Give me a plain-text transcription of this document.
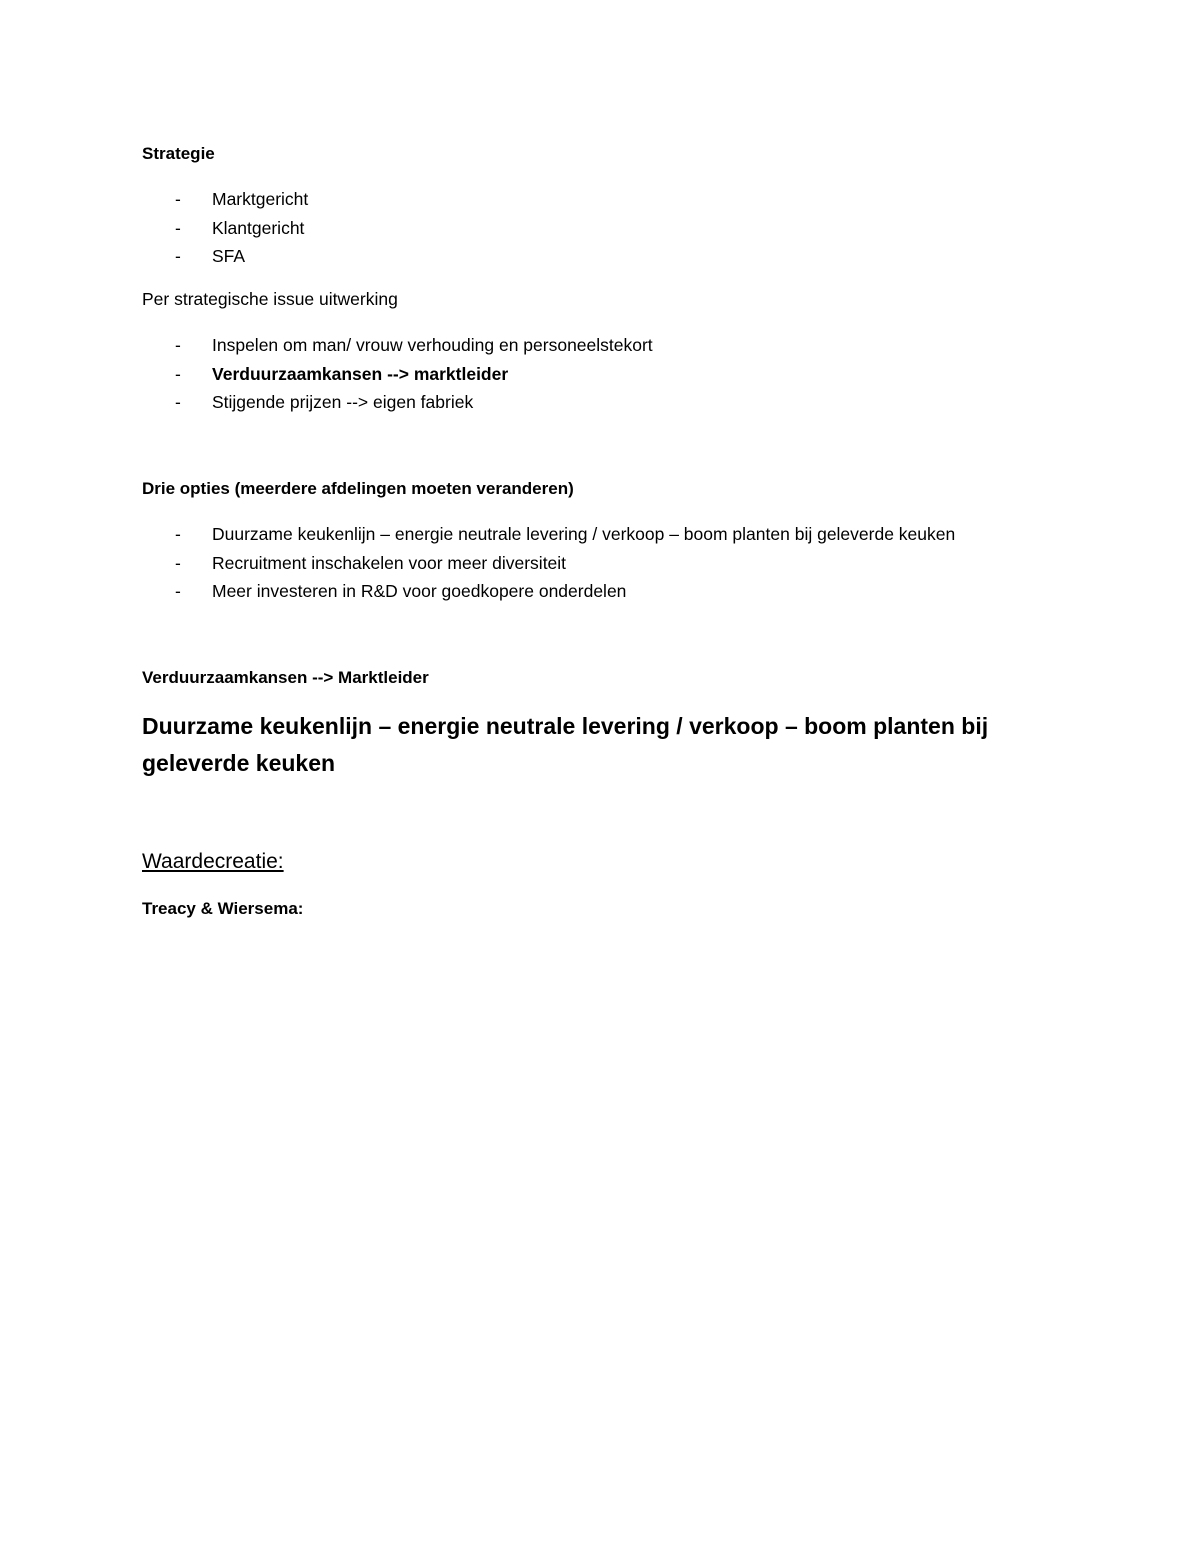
Strategie
- Marktgericht
- Klantgericht
- SFA
Per strategische issue uitwerking
- Inspelen om man/ vrouw verhouding en personeelstekort
- Verduurzaamkansen --> marktleider
- Stijgende prijzen --> eigen fabriek
Drie opties (meerdere afdelingen moeten veranderen)
- Duurzame keukenlijn – energie neutrale levering / verkoop – boom planten bij geleverde keuken
- Recruitment inschakelen voor meer diversiteit
- Meer investeren in R&D voor goedkopere onderdelen
Verduurzaamkansen --> Marktleider
Duurzame keukenlijn – energie neutrale levering / verkoop – boom planten bij geleverde keuken
Waardecreatie:
Treacy & Wiersema:
